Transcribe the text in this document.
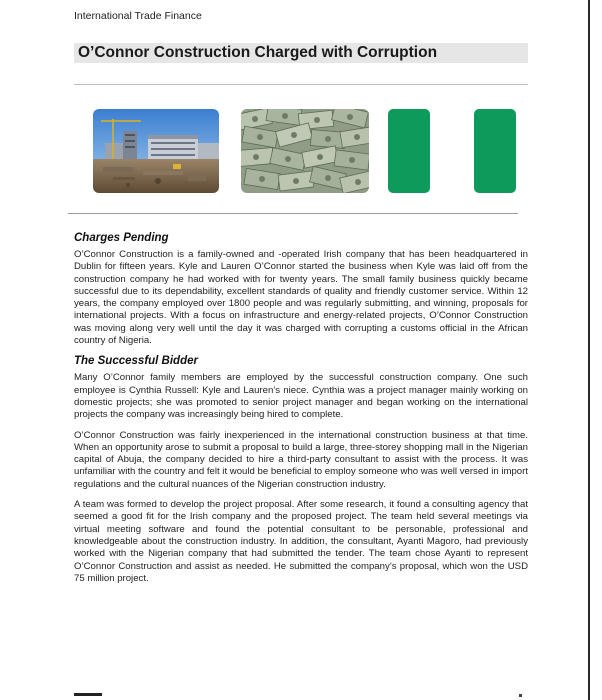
International Trade Finance
O’Connor Construction Charged with Corruption
Charges Pending

O’Connor Construction is a family-owned and -operated Irish company that has been headquartered in Dublin for fifteen years. Kyle and Lauren O’Connor started the business when Kyle was laid off from the construction company he had worked with for twenty years. The small family business quickly became successful due to its dependability, excellent standards of quality and friendly customer service. Within 12 years, the company employed over 1800 people and was regularly submitting, and winning, proposals for international projects. With a focus on infrastructure and energy-related projects, O’Connor Construction was moving along very well until the day it was charged with corrupting a customs official in the African country of Nigeria.

The Successful Bidder

Many O’Connor family members are employed by the successful construction company. One such employee is Cynthia Russell: Kyle and Lauren’s niece. Cynthia was a project manager mainly working on domestic projects; she was promoted to senior project manager and began working on the international projects the company was increasingly being hired to complete.

O’Connor Construction was fairly inexperienced in the international construction business at that time. When an opportunity arose to submit a proposal to build a large, three-storey shopping mall in the Nigerian capital of Abuja, the company decided to hire a third-party consultant to assist with the process. It was unfamiliar with the country and felt it would be beneficial to employ someone who was well versed in import regulations and the cultural nuances of the Nigerian construction industry.

A team was formed to develop the project proposal. After some research, it found a consulting agency that seemed a good fit for the Irish company and the proposed project. The team held several meetings via virtual meeting software and found the potential consultant to be personable, professional and knowledgeable about the construction industry. In addition, the consultant, Ayanti Magoro, had previously worked with the Nigerian company that had submitted the tender. The team chose Ayanti to represent O’Connor Construction and assist as needed. He submitted the company’s proposal, which won the USD 75 million project.
